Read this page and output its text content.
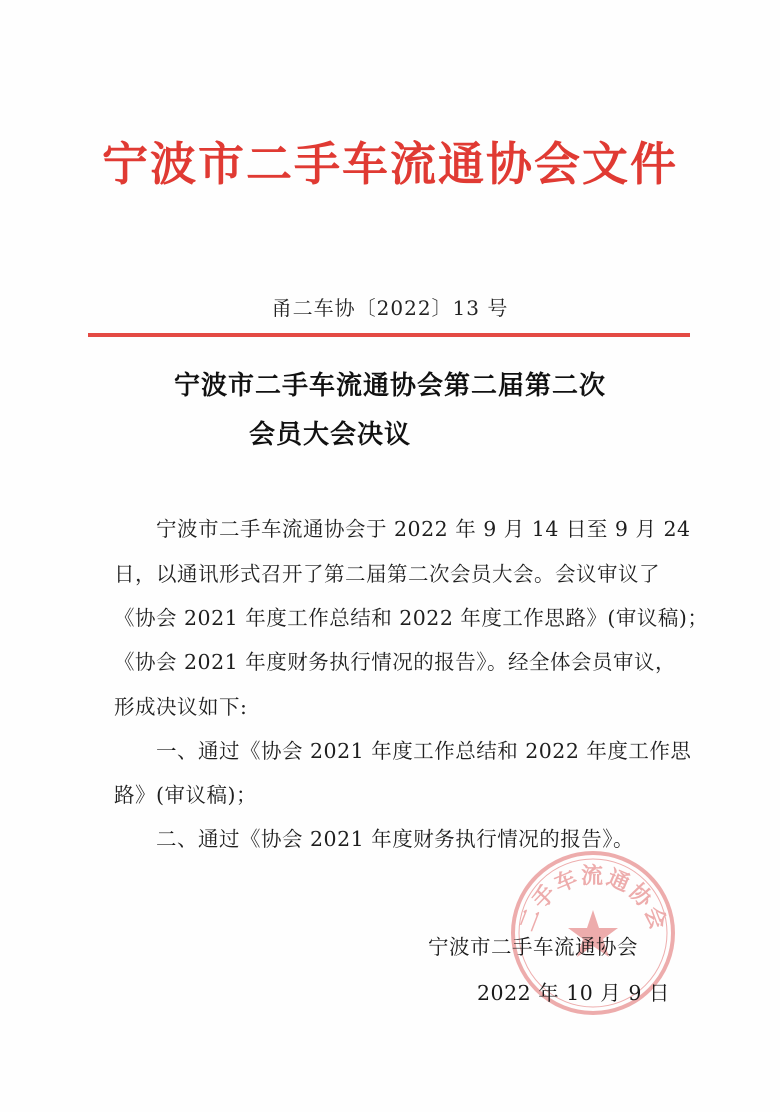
宁波市二手车流通协会文件
甬二车协〔2022〕13 号
宁波市二手车流通协会第二届第二次
会员大会决议
　　宁波市二手车流通协会于 2022 年 9 月 14 日至 9 月 24
日，以通讯形式召开了第二届第二次会员大会。会议审议了
《协会 2021 年度工作总结和 2022 年度工作思路》(审议稿)；
《协会 2021 年度财务执行情况的报告》。经全体会员审议，
形成决议如下:
　　一、通过《协会 2021 年度工作总结和 2022 年度工作思
路》(审议稿)；
　　二、通过《协会 2021 年度财务执行情况的报告》。
二手车流通协会
宁波市二手车流通协会
2022 年 10 月 9 日
